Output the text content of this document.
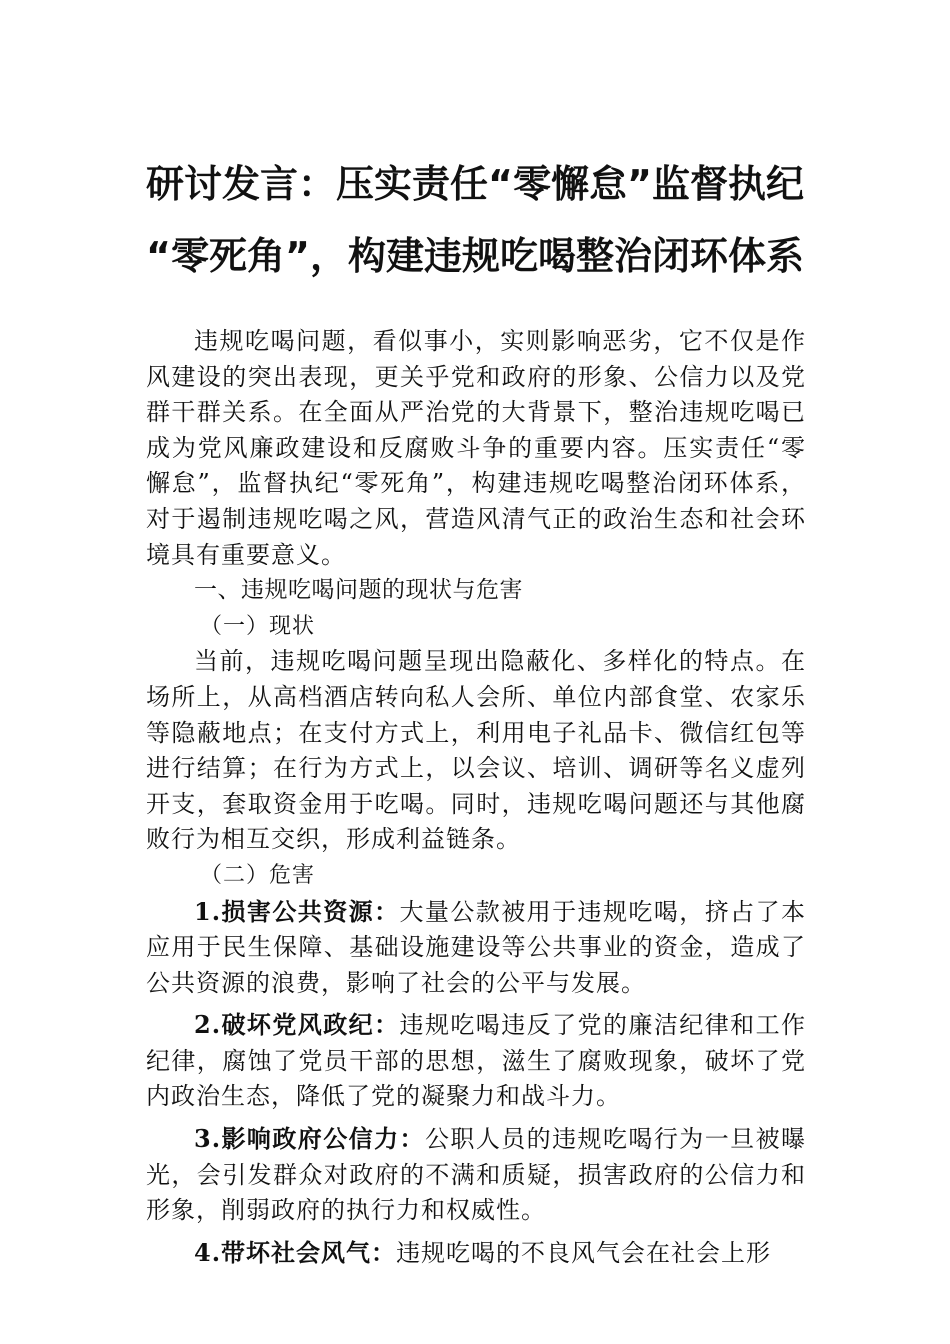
研讨发言：压实责任“零懈怠”监督执纪
“零死角”，构建违规吃喝整治闭环体系

违规吃喝问题，看似事小，实则影响恶劣，它不仅是作风建设的突出表现，更关乎党和政府的形象、公信力以及党群干群关系。在全面从严治党的大背景下，整治违规吃喝已成为党风廉政建设和反腐败斗争的重要内容。压实责任“零懈怠”，监督执纪“零死角”，构建违规吃喝整治闭环体系，对于遏制违规吃喝之风，营造风清气正的政治生态和社会环境具有重要意义。

一、违规吃喝问题的现状与危害

（一）现状

当前，违规吃喝问题呈现出隐蔽化、多样化的特点。在场所上，从高档酒店转向私人会所、单位内部食堂、农家乐等隐蔽地点；在支付方式上，利用电子礼品卡、微信红包等进行结算；在行为方式上，以会议、培训、调研等名义虚列开支，套取资金用于吃喝。同时，违规吃喝问题还与其他腐败行为相互交织，形成利益链条。

（二）危害

1.损害公共资源：大量公款被用于违规吃喝，挤占了本应用于民生保障、基础设施建设等公共事业的资金，造成了公共资源的浪费，影响了社会的公平与发展。

2.破坏党风政纪：违规吃喝违反了党的廉洁纪律和工作纪律，腐蚀了党员干部的思想，滋生了腐败现象，破坏了党内政治生态，降低了党的凝聚力和战斗力。

3.影响政府公信力：公职人员的违规吃喝行为一旦被曝光，会引发群众对政府的不满和质疑，损害政府的公信力和形象，削弱政府的执行力和权威性。

4.带坏社会风气：违规吃喝的不良风气会在社会上形
